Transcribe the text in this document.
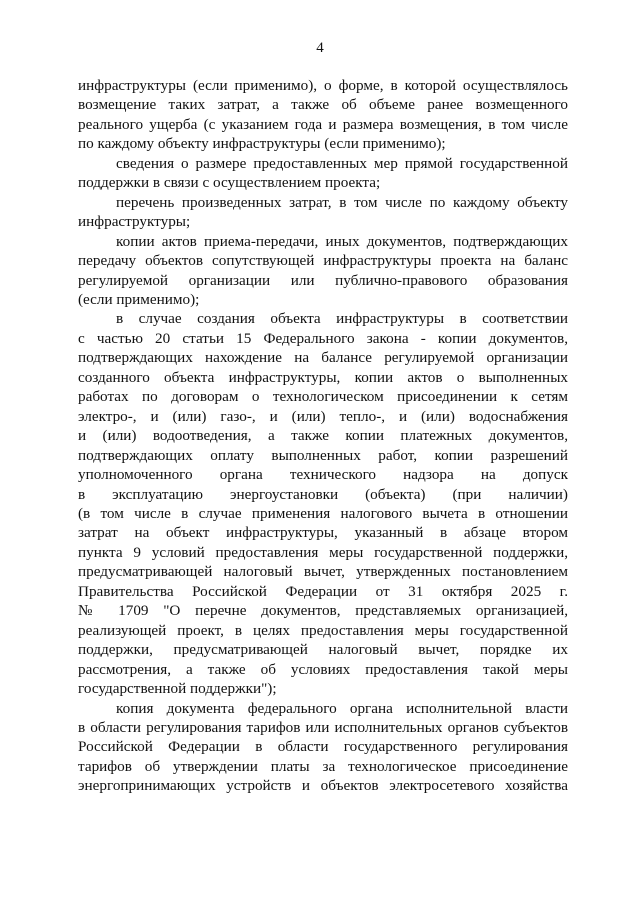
4
инфраструктуры (если применимо), о форме, в которой осуществлялось
возмещение таких затрат, а также об объеме ранее возмещенного
реального ущерба (с указанием года и размера возмещения, в том числе
по каждому объекту инфраструктуры (если применимо);
сведения о размере предоставленных мер прямой государственной
поддержки в связи с осуществлением проекта;
перечень произведенных затрат, в том числе по каждому объекту
инфраструктуры;
копии актов приема-передачи, иных документов, подтверждающих
передачу объектов сопутствующей инфраструктуры проекта на баланс
регулируемой организации или публично-правового образования
(если применимо);
в случае создания объекта инфраструктуры в соответствии
с частью 20 статьи 15 Федерального закона - копии документов,
подтверждающих нахождение на балансе регулируемой организации
созданного объекта инфраструктуры, копии актов о выполненных
работах по договорам о технологическом присоединении к сетям
электро-, и (или) газо-, и (или) тепло-, и (или) водоснабжения
и (или) водоотведения, а также копии платежных документов,
подтверждающих оплату выполненных работ, копии разрешений
уполномоченного органа технического надзора на допуск
в эксплуатацию энергоустановки (объекта) (при наличии)
(в том числе в случае применения налогового вычета в отношении
затрат на объект инфраструктуры, указанный в абзаце втором
пункта 9 условий предоставления меры государственной поддержки,
предусматривающей налоговый вычет, утвержденных постановлением
Правительства Российской Федерации от 31 октября 2025 г.
№ 1709 "О перечне документов, представляемых организацией,
реализующей проект, в целях предоставления меры государственной
поддержки, предусматривающей налоговый вычет, порядке их
рассмотрения, а также об условиях предоставления такой меры
государственной поддержки");
копия документа федерального органа исполнительной власти
в области регулирования тарифов или исполнительных органов субъектов
Российской Федерации в области государственного регулирования
тарифов об утверждении платы за технологическое присоединение
энергопринимающих устройств и объектов электросетевого хозяйства
